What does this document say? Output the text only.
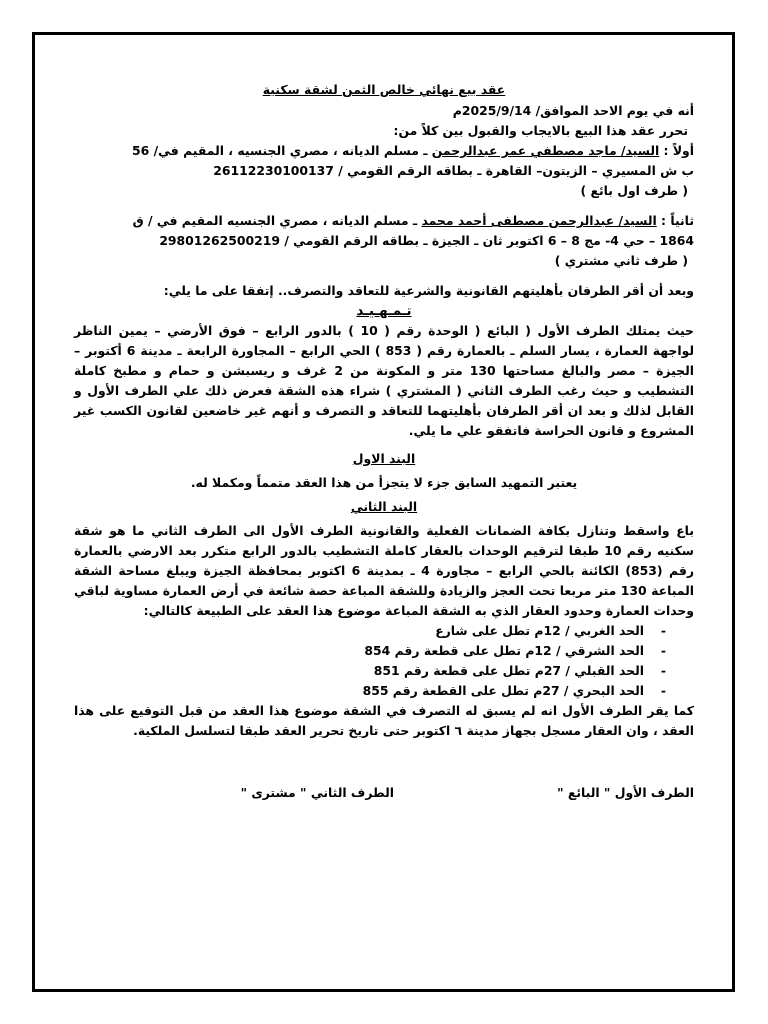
عقد بيع نهائي خالص الثمن لشقة سكنية

أنه في يوم الاحد الموافق/ 2025/9/14م

تحرر عقد هذا البيع بالايجاب والقبول بين كلاً من:

أولاً : السيد/ ماجد مصطفي عمر عبدالرحمن ـ مسلم الديانه ، مصري الجنسيه ، المقيم في/ 56

ب ش المسيري – الزيتون– القاهرة ـ بطاقه الرقم القومي / 26112230100137

( طرف اول بائع )

ثانياً : السيد/ عبدالرحمن مصطفى أحمد محمد ـ مسلم الديانه ، مصري الجنسيه المقيم في / ق

1864 – حي 4- مج 8 – 6 اكتوبر ثان ـ الجيزة ـ بطاقه الرقم القومي / 29801262500219

( طرف ثاني مشتري )

وبعد أن أقر الطرفان بأهليتهم القانونية والشرعية للتعاقد والتصرف.. إتفقا على ما يلي:

تـمـهـيـد

حيث يمتلك الطرف الأول ( البائع ( الوحدة رقم ( 10 ) بالدور الرابع – فوق الأرضي – يمين الناظر لواجهة العمارة ، يسار السلم ـ بالعمارة رقم ( 853 ) الحي الرابع – المجاورة الرابعة ـ مدينة 6 أكتوبر – الجيزة – مصر والبالغ مساحتها 130 متر و المكونة من 2 غرف و ريسبشن و حمام و مطبخ كاملة التشطيب و حيث رغب الطرف الثاني ( المشتري ) شراء هذه الشقة فعرض ذلك علي الطرف الأول و القابل لذلك و بعد ان أقر الطرفان بأهليتهما للتعاقد و التصرف و أنهم غير خاضعين لقانون الكسب غير المشروع و قانون الحراسة فاتفقو علي ما يلي.

البند الاول

يعتبر التمهيد السابق جزء لا يتجزأ من هذا العقد متمماً ومكملا له.

البند الثاني

باع واسقط وتنازل بكافة الضمانات الفعلية والقانونية الطرف الأول الى الطرف الثاني ما هو شقة سكنيه رقم 10 طبقا لترقيم الوحدات بالعقار كاملة التشطيب بالدور الرابع متكرر بعد الارضي بالعمارة رقم (853) الكائنة بالحي الرابع – مجاورة 4 ـ بمدينة 6 اكتوبر بمحافظة الجيزة ويبلغ مساحة الشقة المباعة 130 متر مربعا تحت العجز والزيادة وللشقة المباعة حصة شائعة في أرض العمارة مساوية لباقي وحدات العمارة وحدود العقار الذي به الشقة المباعة موضوع هذا العقد على الطبيعة كالتالي:

- الحد الغربي / 12م تطل على شارع
- الحد الشرقي / 12م تطل على قطعة رقم 854
- الحد القبلي / 27م تطل على قطعة رقم 851
- الحد البحري / 27م تطل على القطعة رقم 855

كما يقر الطرف الأول انه لم يسبق له التصرف في الشقة موضوع هذا العقد من قبل التوقيع على هذا العقد ، وان العقار مسجل بجهاز مدينة ٦ اكتوبر حتى تاريخ تحرير العقد طبقا لتسلسل الملكية.

الطرف الأول " البائع "
الطرف الثاني " مشترى "
